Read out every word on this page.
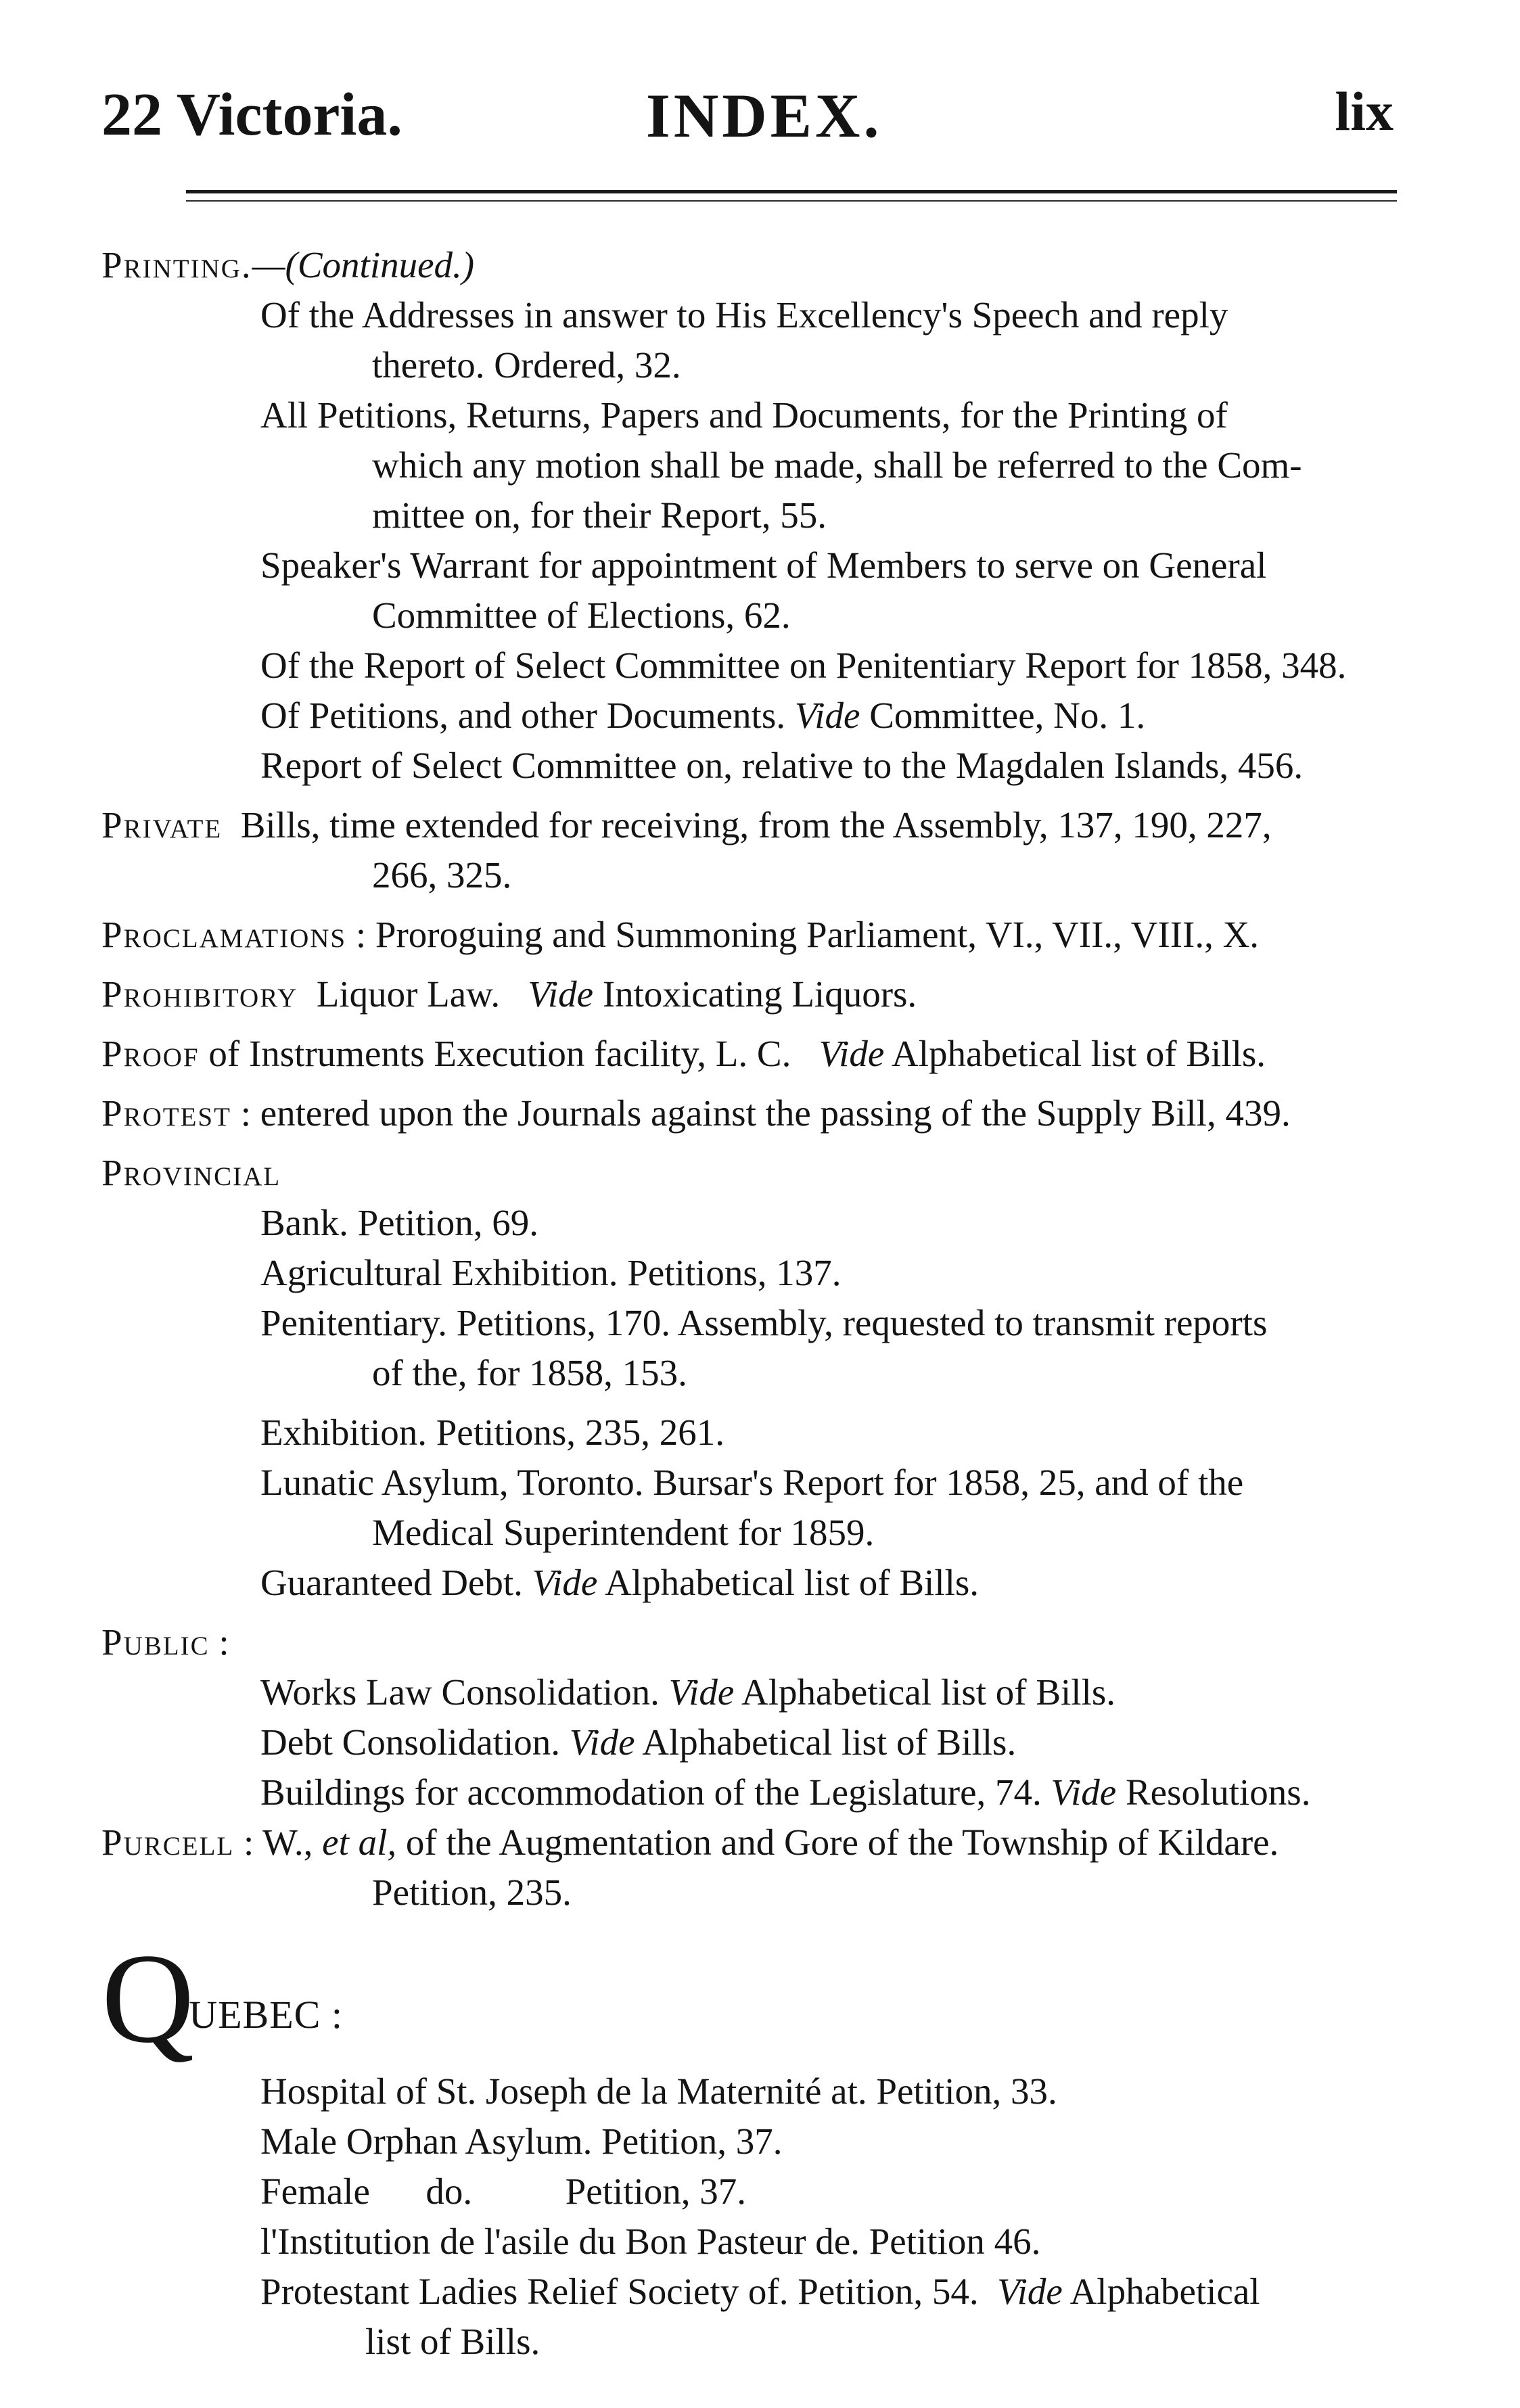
22 Victoria.	INDEX.	lix
Printing.—(Continued.)
Of the Addresses in answer to His Excellency's Speech and reply
thereto. Ordered, 32.
All Petitions, Returns, Papers and Documents, for the Printing of
which any motion shall be made, shall be referred to the Com-
mittee on, for their Report, 55.
Speaker's Warrant for appointment of Members to serve on General
Committee of Elections, 62.
Of the Report of Select Committee on Penitentiary Report for 1858, 348.
Of Petitions, and other Documents. Vide Committee, No. 1.
Report of Select Committee on, relative to the Magdalen Islands, 456.
Private Bills, time extended for receiving, from the Assembly, 137, 190, 227,
266, 325.
Proclamations : Proroguing and Summoning Parliament, VI., VII., VIII., X.
Prohibitory Liquor Law. Vide Intoxicating Liquors.
Proof of Instruments Execution facility, L. C. Vide Alphabetical list of Bills.
Protest : entered upon the Journals against the passing of the Supply Bill, 439.
Provincial
Bank. Petition, 69.
Agricultural Exhibition. Petitions, 137.
Penitentiary. Petitions, 170. Assembly, requested to transmit reports
of the, for 1858, 153.
Exhibition. Petitions, 235, 261.
Lunatic Asylum, Toronto. Bursar's Report for 1858, 25, and of the
Medical Superintendent for 1859.
Guaranteed Debt. Vide Alphabetical list of Bills.
Public :
Works Law Consolidation. Vide Alphabetical list of Bills.
Debt Consolidation. Vide Alphabetical list of Bills.
Buildings for accommodation of the Legislature, 74. Vide Resolutions.
Purcell : W., et al, of the Augmentation and Gore of the Township of Kildare.
Petition, 235.
QUEBEC :
Hospital of St. Joseph de la Maternité at. Petition, 33.
Male Orphan Asylum. Petition, 37.
Female do.	Petition, 37.
l'Institution de l'asile du Bon Pasteur de. Petition 46.
Protestant Ladies Relief Society of. Petition, 54. Vide Alphabetical
list of Bills.
